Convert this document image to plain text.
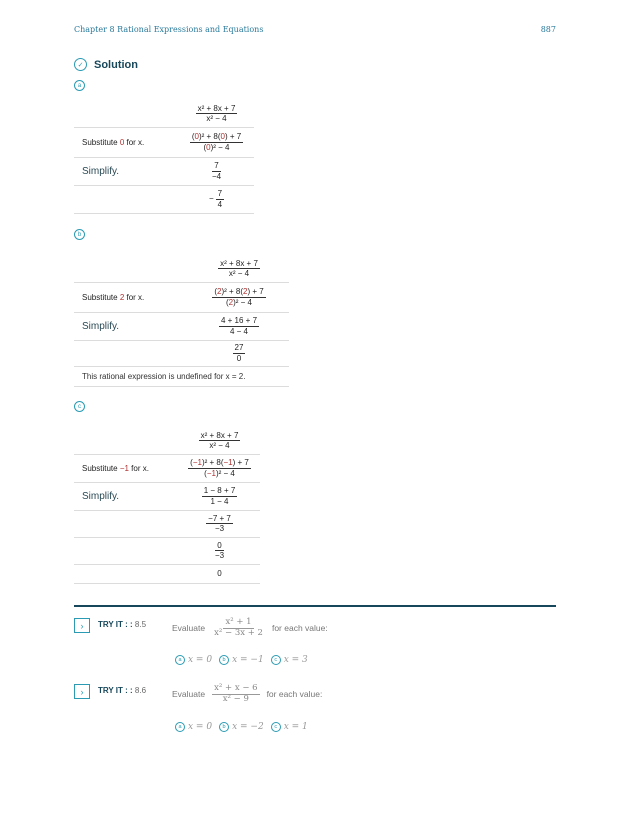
Chapter 8 Rational Expressions and Equations	887
✓ Solution
a

	$\frac{\text{x² + 8x + 7}}{\text{x² − 4}}$

Substitute 0 for x.	$\frac{\text{(0)² + 8(0) + 7}}{\text{(0)² − 4}}$

Simplify.	$\frac{7}{-4}$

	− $\frac{7}{4}$
b

	$\frac{\text{x² + 8x + 7}}{\text{x² − 4}}$

Substitute 2 for x.	$\frac{\text{(2)² + 8(2) + 7}}{\text{(2)² − 4}}$

Simplify.	$\frac{4 + 16 + 7}{4 - 4}$

	$\frac{27}{0}$

This rational expression is undefined for x = 2.	
c

	$\frac{\text{x² + 8x + 7}}{\text{x² − 4}}$

Substitute −1 for x.	$\frac{\text{(−1)² + 8(−1) + 7}}{\text{(−1)² − 4}}$

Simplify.	$\frac{1 - 8 + 7}{1 - 4}$

	$\frac{-7 + 7}{-3}$

	$\frac{0}{-3}$

	0
›	TRY IT : : 8.5	Evaluate $\frac{\text{x² + 1}}{\text{x² − 3x + 2}}$ for each value:
a x = 0	b x = −1	c x = 3
›	TRY IT : : 8.6	Evaluate $\frac{\text{x² + x − 6}}{\text{x² − 9}}$ for each value:
a x = 0	b x = −2	c x = 1
